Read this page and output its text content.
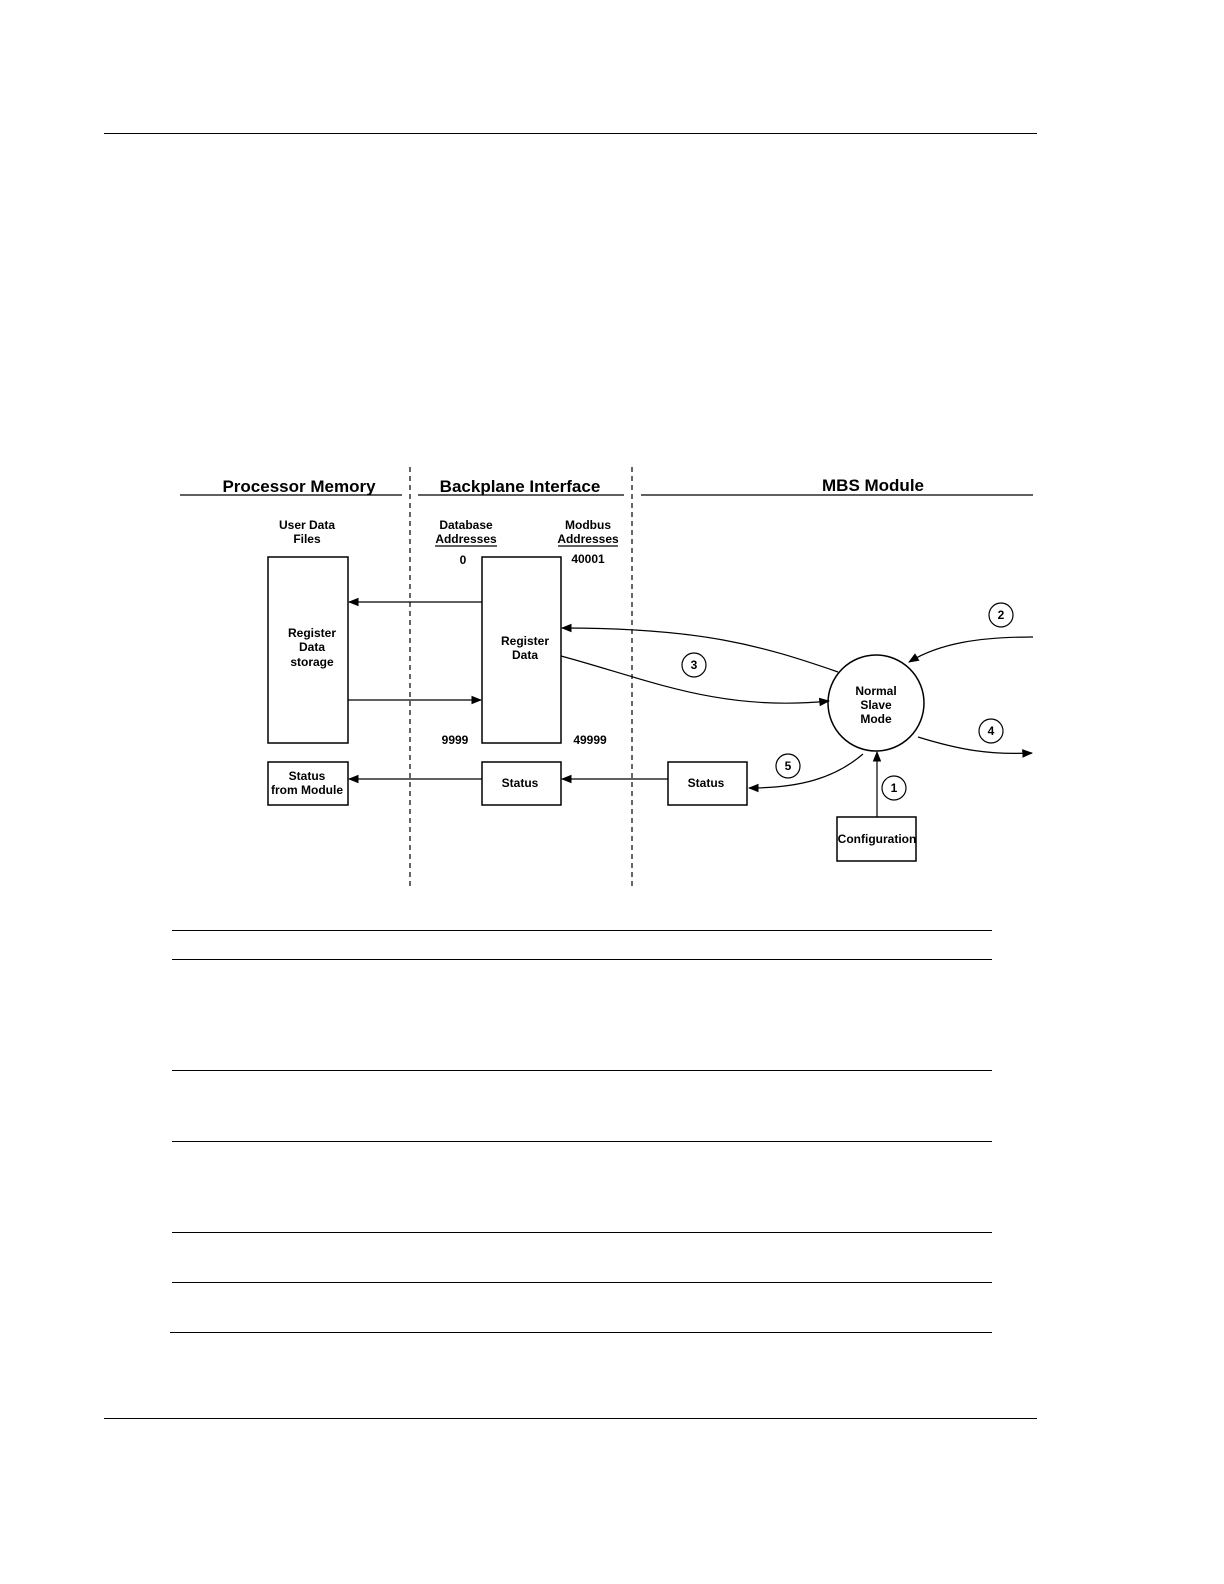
Processor Memory	Backplane Interface	MBS Module
User Data
Files
Database
Addresses
Modbus
Addresses
0	40001
9999	49999
Register
Data
storage
Register
Data
Status
from Module	Status	Status
Configuration
Normal
Slave
Mode
1
2
3
4
5
